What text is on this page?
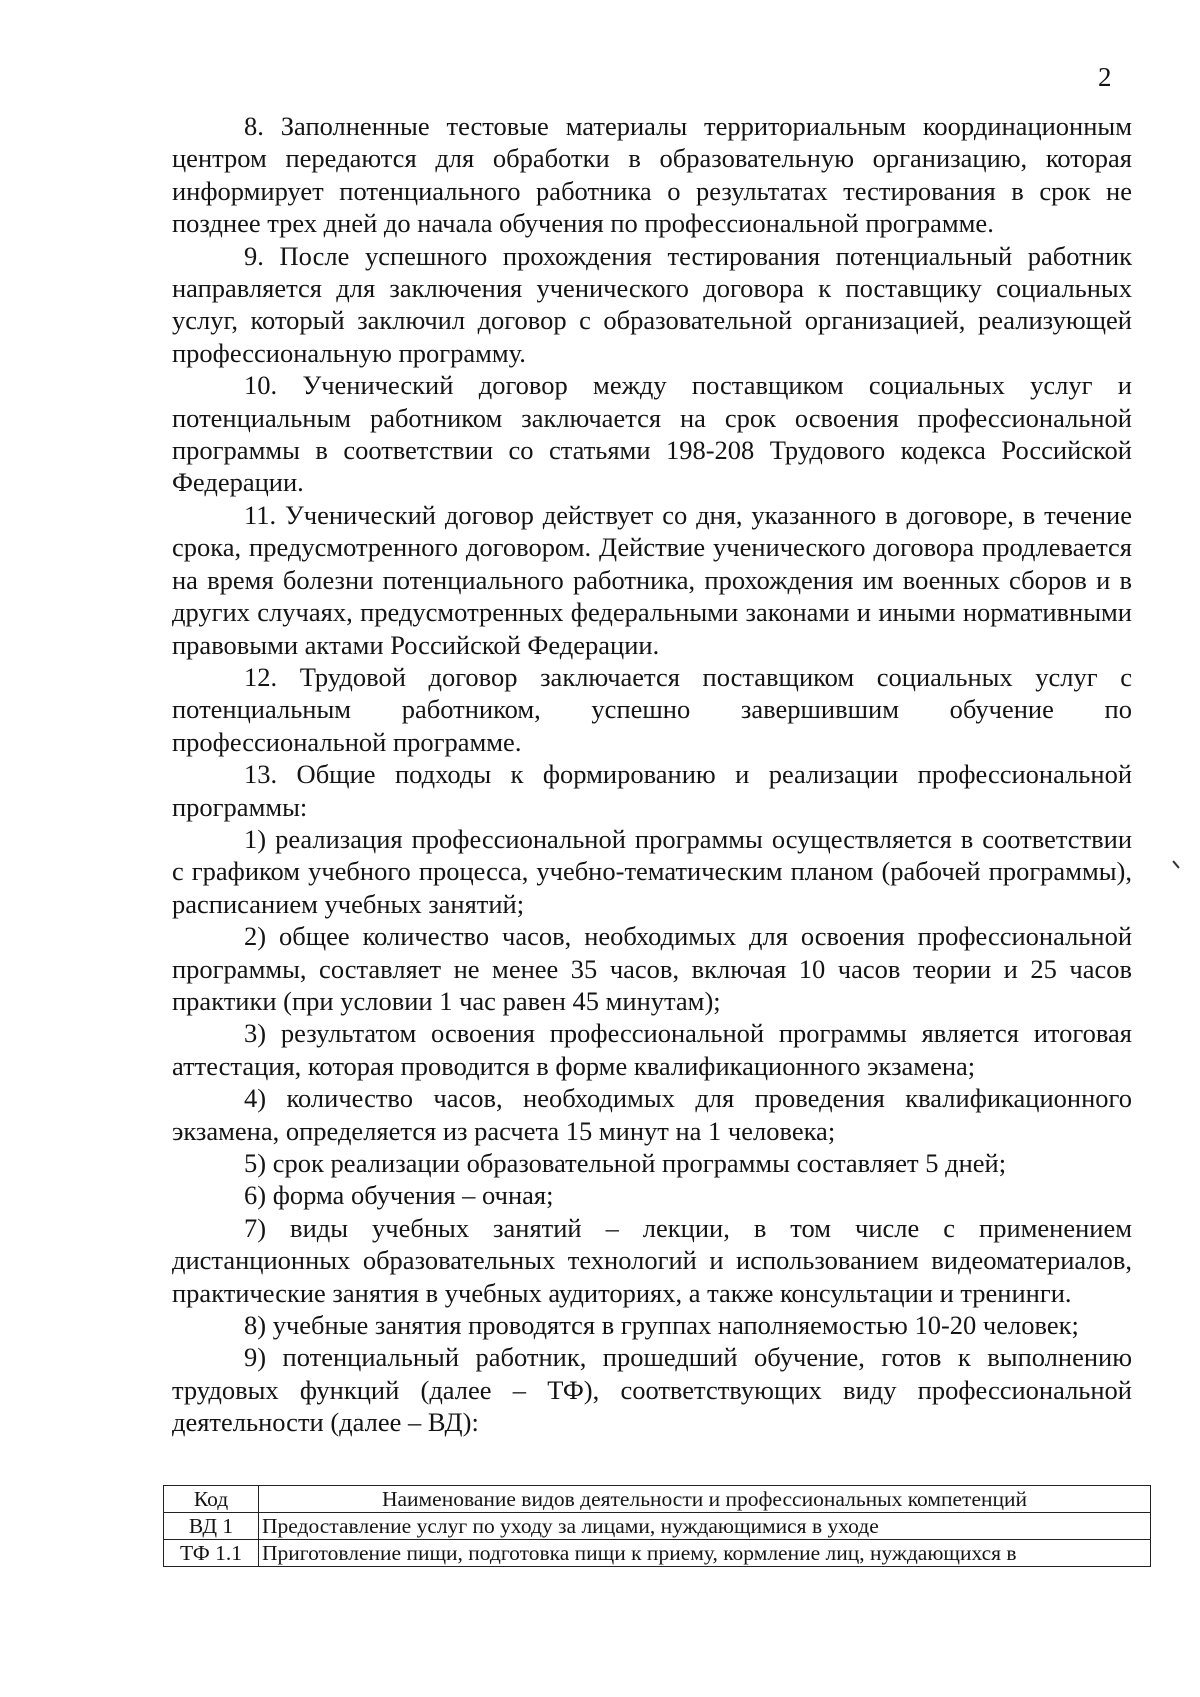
2

8. Заполненные тестовые материалы территориальным координационным центром передаются для обработки в образовательную организацию, которая информирует потенциального работника о результатах тестирования в срок не позднее трех дней до начала обучения по профессиональной программе.

9. После успешного прохождения тестирования потенциальный работник направляется для заключения ученического договора к поставщику социальных услуг, который заключил договор с образовательной организацией, реализующей профессиональную программу.

10. Ученический договор между поставщиком социальных услуг и потенциальным работником заключается на срок освоения профессиональной программы в соответствии со статьями 198-208 Трудового кодекса Российской Федерации.

11. Ученический договор действует со дня, указанного в договоре, в течение срока, предусмотренного договором. Действие ученического договора продлевается на время болезни потенциального работника, прохождения им военных сборов и в других случаях, предусмотренных федеральными законами и иными нормативными правовыми актами Российской Федерации.

12. Трудовой договор заключается поставщиком социальных услуг с потенциальным работником, успешно завершившим обучение по профессиональной программе.

13. Общие подходы к формированию и реализации профессиональной программы:

1) реализация профессиональной программы осуществляется в соответствии с графиком учебного процесса, учебно-тематическим планом (рабочей программы), расписанием учебных занятий;

2) общее количество часов, необходимых для освоения профессиональной программы, составляет не менее 35 часов, включая 10 часов теории и 25 часов практики (при условии 1 час равен 45 минутам);

3) результатом освоения профессиональной программы является итоговая аттестация, которая проводится в форме квалификационного экзамена;

4) количество часов, необходимых для проведения квалификационного экзамена, определяется из расчета 15 минут на 1 человека;

5) срок реализации образовательной программы составляет 5 дней;

6) форма обучения – очная;

7) виды учебных занятий – лекции, в том числе с применением дистанционных образовательных технологий и использованием видеоматериалов, практические занятия в учебных аудиториях, а также консультации и тренинги.

8) учебные занятия проводятся в группах наполняемостью 10-20 человек;

9) потенциальный работник, прошедший обучение, готов к выполнению трудовых функций (далее – ТФ), соответствующих виду профессиональной деятельности (далее – ВД):

Код	Наименование видов деятельности и профессиональных компетенций
ВД 1	Предоставление услуг по уходу за лицами, нуждающимися в уходе
ТФ 1.1	Приготовление пищи, подготовка пищи к приему, кормление лиц, нуждающихся в
